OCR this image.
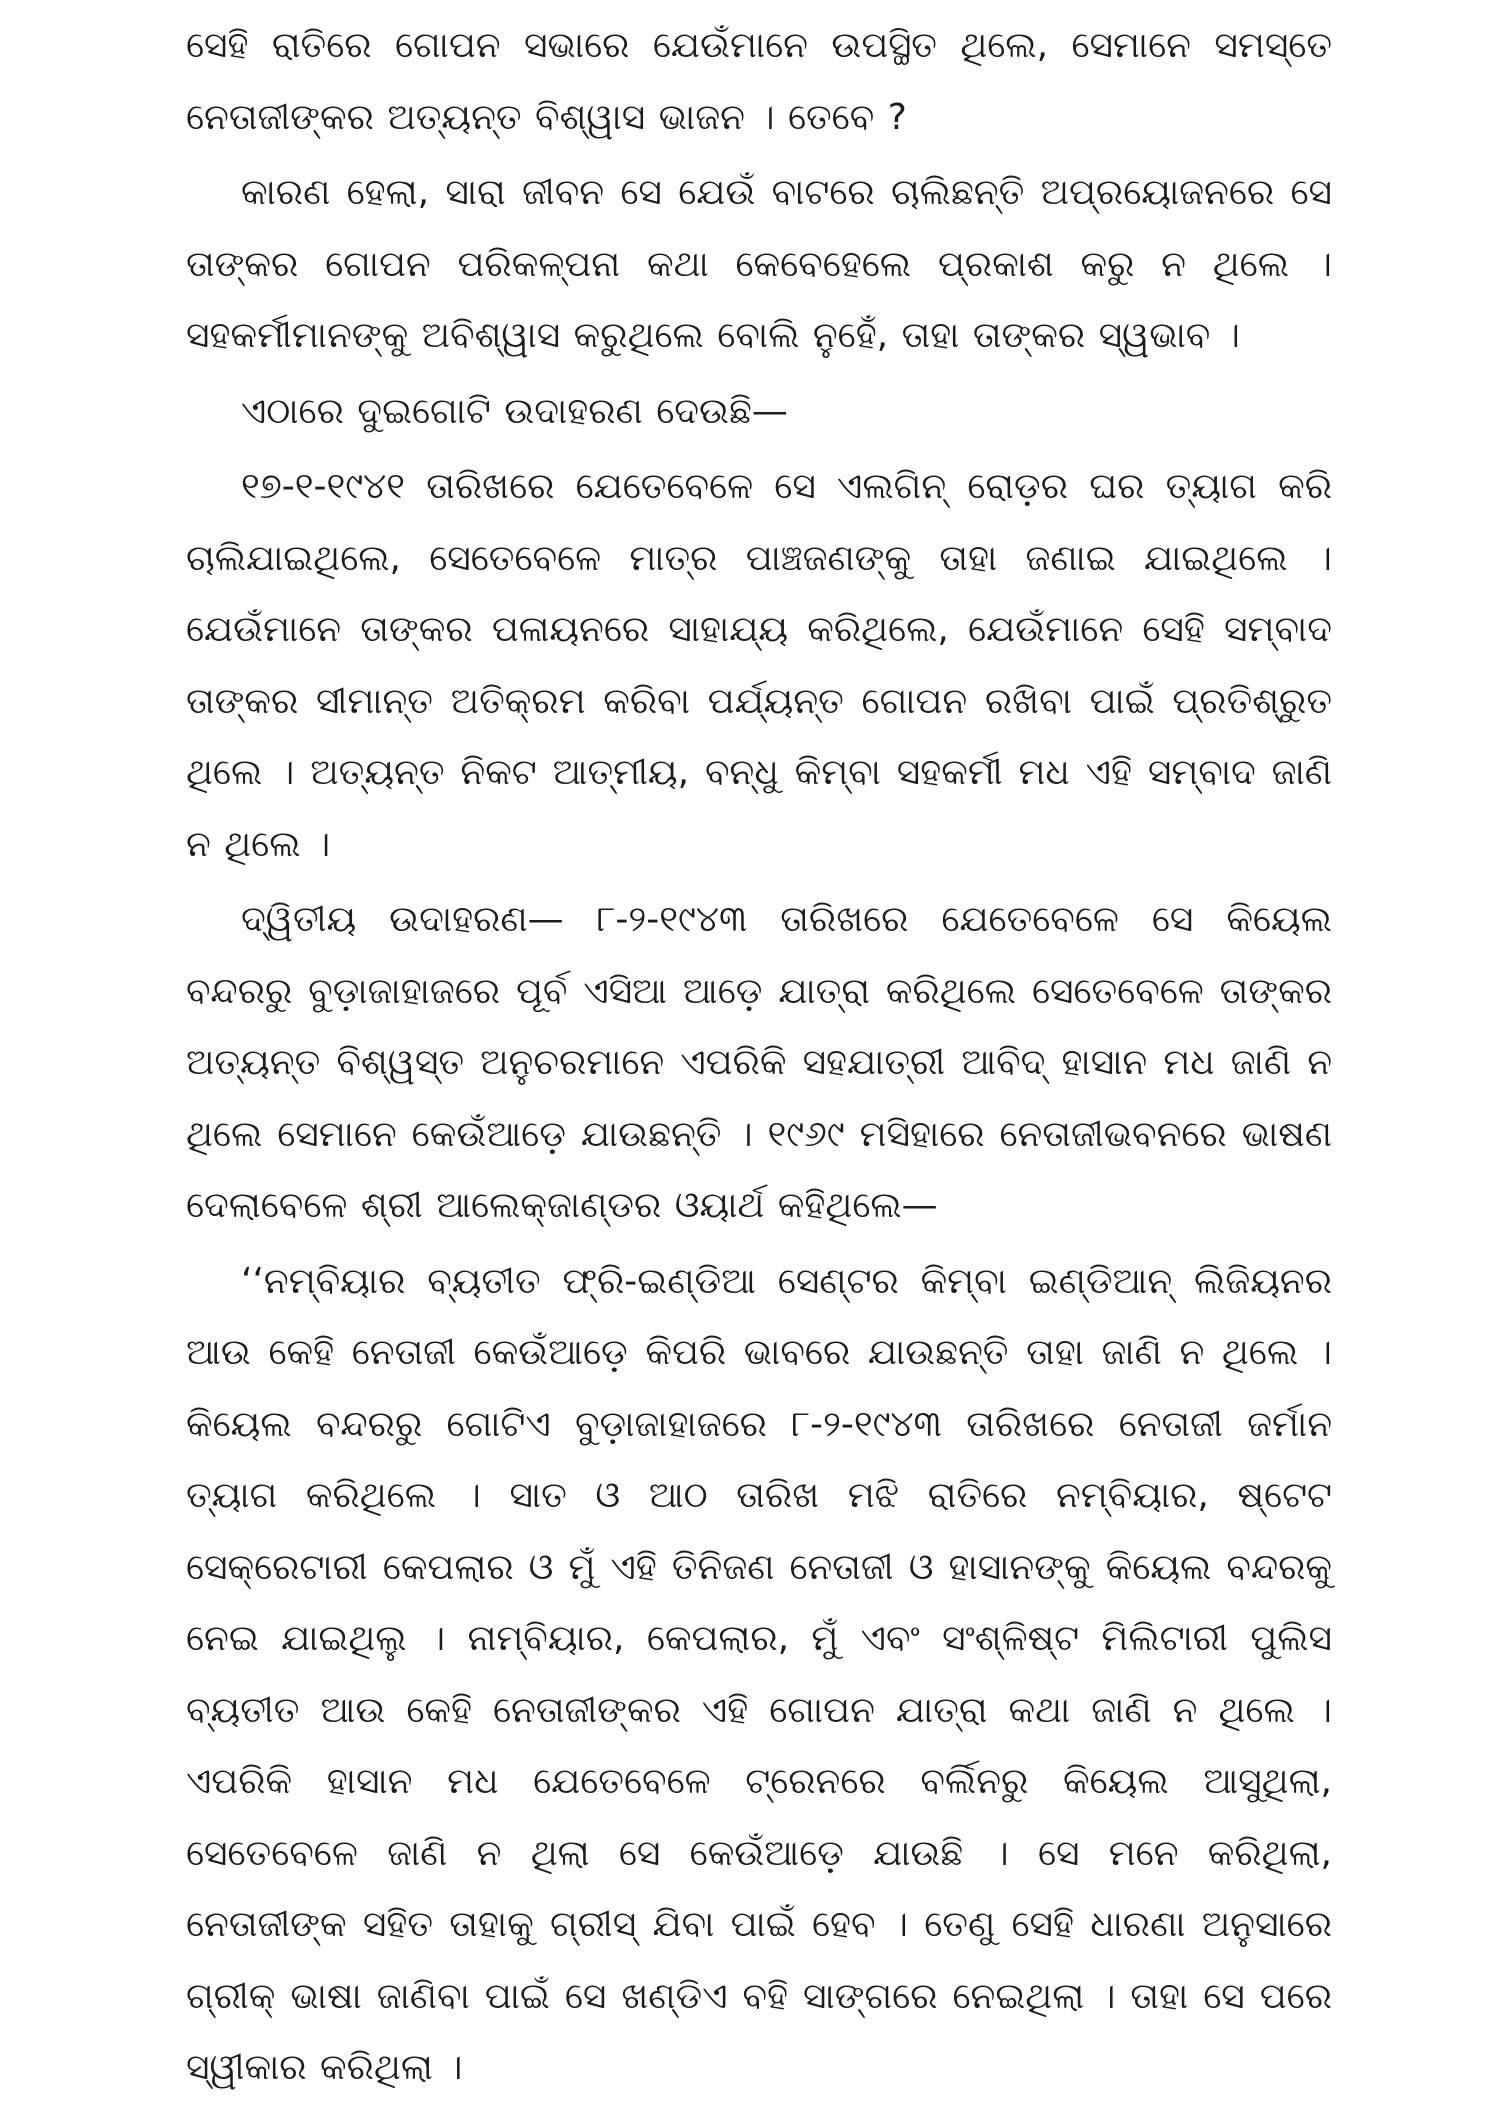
ସେହି ରାତିରେ ଗୋପନ ସଭାରେ ଯେଉଁମାନେ ଉପସ୍ଥିତ ଥିଲେ, ସେମାନେ ସମସ୍ତେ ନେତାଜୀଙ୍କର ଅତ୍ୟନ୍ତ ବିଶ୍ୱାସ ଭାଜନ । ତେବେ ?

କାରଣ ହେଲା, ସାରା ଜୀବନ ସେ ଯେଉଁ ବାଟରେ ଚାଲିଛନ୍ତି ଅପ୍ରୟୋଜନରେ ସେ ତାଙ୍କର ଗୋପନ ପରିକଳ୍ପନା କଥା କେବେହେଲେ ପ୍ରକାଶ କରୁ ନ ଥିଲେ । ସହକର୍ମୀମାନଙ୍କୁ ଅବିଶ୍ୱାସ କରୁଥିଲେ ବୋଲି ନୁହେଁ, ତାହା ତାଙ୍କର ସ୍ୱଭାବ ।

ଏଠାରେ ଦୁଇଗୋଟି ଉଦାହରଣ ଦେଉଛି—

୧୭-୧-୧୯୪୧ ତାରିଖରେ ଯେତେବେଳେ ସେ ଏଲଗିନ୍ ରୋଡ଼ର ଘର ତ୍ୟାଗ କରି ଚାଲିଯାଇଥିଲେ, ସେତେବେଳେ ମାତ୍ର ପାଞ୍ଚଜଣଙ୍କୁ ତାହା ଜଣାଇ ଯାଇଥିଲେ । ଯେଉଁମାନେ ତାଙ୍କର ପଳାୟନରେ ସାହାଯ୍ୟ କରିଥିଲେ, ଯେଉଁମାନେ ସେହି ସମ୍ବାଦ ତାଙ୍କର ସୀମାନ୍ତ ଅତିକ୍ରମ କରିବା ପର୍ଯ୍ୟନ୍ତ ଗୋପନ ରଖିବା ପାଇଁ ପ୍ରତିଶ୍ରୁତ ଥିଲେ । ଅତ୍ୟନ୍ତ ନିକଟ ଆତ୍ମୀୟ, ବନ୍ଧୁ କିମ୍ବା ସହକର୍ମୀ ମଧ ଏହି ସମ୍ବାଦ ଜାଣି ନ ଥିଲେ ।

ଦ୍ୱିତୀୟ ଉଦାହରଣ— ୮-୨-୧୯୪୩ ତାରିଖରେ ଯେତେବେଳେ ସେ କିୟେଲ ବନ୍ଦରରୁ ବୁଡ଼ାଜାହାଜରେ ପୂର୍ବ ଏସିଆ ଆଡ଼େ ଯାତ୍ରା କରିଥିଲେ ସେତେବେଳେ ତାଙ୍କର ଅତ୍ୟନ୍ତ ବିଶ୍ୱସ୍ତ ଅନୁଚରମାନେ ଏପରିକି ସହଯାତ୍ରୀ ଆବିଦ୍ ହାସାନ ମଧ ଜାଣି ନ ଥିଲେ ସେମାନେ କେଉଁଆଡ଼େ ଯାଉଛନ୍ତି । ୧୯୬୯ ମସିହାରେ ନେତାଜୀଭବନରେ ଭାଷଣ ଦେଲାବେଳେ ଶ୍ରୀ ଆଲେକ୍‌ଜାଣ୍ଡର ଓୟାର୍ଥ କହିଥିଲେ—

‘‘ନମ୍ବିୟାର ବ୍ୟତୀତ ଫ୍ରି-ଇଣ୍ଡିଆ ସେଣ୍ଟର କିମ୍ବା ଇଣ୍ଡିଆନ୍ ଲିଜିୟନର ଆଉ କେହି ନେତାଜୀ କେଉଁଆଡ଼େ କିପରି ଭାବରେ ଯାଉଛନ୍ତି ତାହା ଜାଣି ନ ଥିଲେ । କିୟେଲ ବନ୍ଦରରୁ ଗୋଟିଏ ବୁଡ଼ାଜାହାଜରେ ୮-୨-୧୯୪୩ ତାରିଖରେ ନେତାଜୀ ଜର୍ମାନ ତ୍ୟାଗ କରିଥିଲେ । ସାତ ଓ ଆଠ ତାରିଖ ମଝି ରାତିରେ ନମ୍ବିୟାର, ଷ୍ଟେଟ ସେକ୍ରେଟାରୀ କେପଲାର ଓ ମୁଁ ଏହି ତିନିଜଣ ନେତାଜୀ ଓ ହାସାନଙ୍କୁ କିୟେଲ ବନ୍ଦରକୁ ନେଇ ଯାଇଥିଲୁ । ନାମ୍ବିୟାର, କେପଲାର, ମୁଁ ଏବଂ ସଂଶ୍ଳିଷ୍ଟ ମିଲିଟାରୀ ପୁଲିସ ବ୍ୟତୀତ ଆଉ କେହି ନେତାଜୀଙ୍କର ଏହି ଗୋପନ ଯାତ୍ରା କଥା ଜାଣି ନ ଥିଲେ । ଏପରିକି ହାସାନ ମଧ ଯେତେବେଳେ ଟ୍ରେନରେ ବର୍ଲିନରୁ କିୟେଲ ଆସୁଥିଲା, ସେତେବେଳେ ଜାଣି ନ ଥିଲା ସେ କେଉଁଆଡ଼େ ଯାଉଛି । ସେ ମନେ କରିଥିଲା, ନେତାଜୀଙ୍କ ସହିତ ତାହାକୁ ଗ୍ରୀସ୍ ଯିବା ପାଇଁ ହେବ । ତେଣୁ ସେହି ଧାରଣା ଅନୁସାରେ ଗ୍ରୀକ୍ ଭାଷା ଜାଣିବା ପାଇଁ ସେ ଖଣ୍ଡିଏ ବହି ସାଙ୍ଗରେ ନେଇଥିଲା । ତାହା ସେ ପରେ ସ୍ୱୀକାର କରିଥିଲା ।
